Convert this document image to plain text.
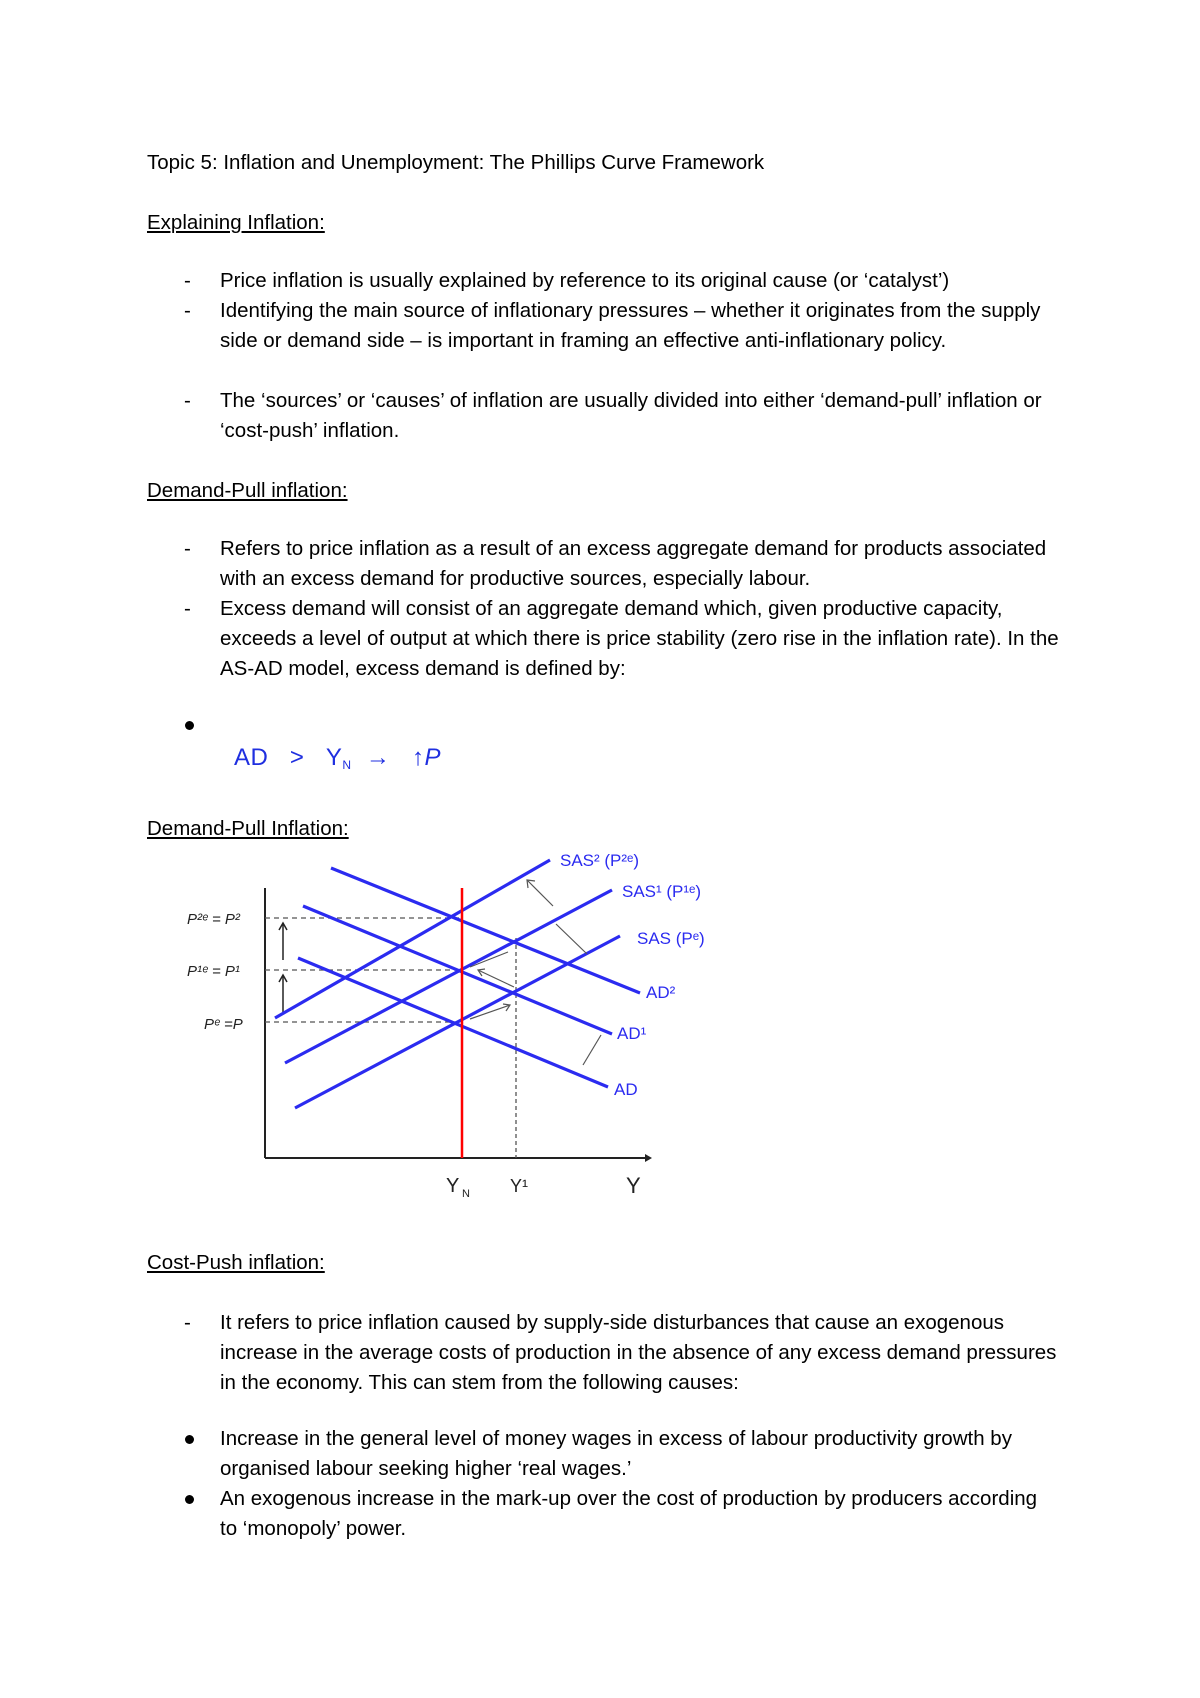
Topic 5: Inflation and Unemployment: The Phillips Curve Framework
Explaining Inflation:
- Price inflation is usually explained by reference to its original cause (or ‘catalyst’)
- Identifying the main source of inflationary pressures – whether it originates from the supply side or demand side – is important in framing an effective anti-inflationary policy.
- The ‘sources’ or ‘causes’ of inflation are usually divided into either ‘demand-pull’ inflation or ‘cost-push’ inflation.
Demand-Pull inflation:
- Refers to price inflation as a result of an excess aggregate demand for products associated with an excess demand for productive sources, especially labour.
- Excess demand will consist of an aggregate demand which, given productive capacity, exceeds a level of output at which there is price stability (zero rise in the inflation rate). In the AS-AD model, excess demand is defined by:
AD > $Y_N$ → ↑P
Demand-Pull Inflation:
SAS² (P²ᵉ)
SAS¹ (P¹ᵉ)
SAS (Pᵉ)
AD²
AD¹
AD
P²ᵉ = P²
P¹ᵉ = P¹
Pᵉ =P
Y N Y¹	Y
Cost-Push inflation:
- It refers to price inflation caused by supply-side disturbances that cause an exogenous increase in the average costs of production in the absence of any excess demand pressures in the economy. This can stem from the following causes:
Increase in the general level of money wages in excess of labour productivity growth by organised labour seeking higher ‘real wages.’
An exogenous increase in the mark-up over the cost of production by producers according to ‘monopoly’ power.
